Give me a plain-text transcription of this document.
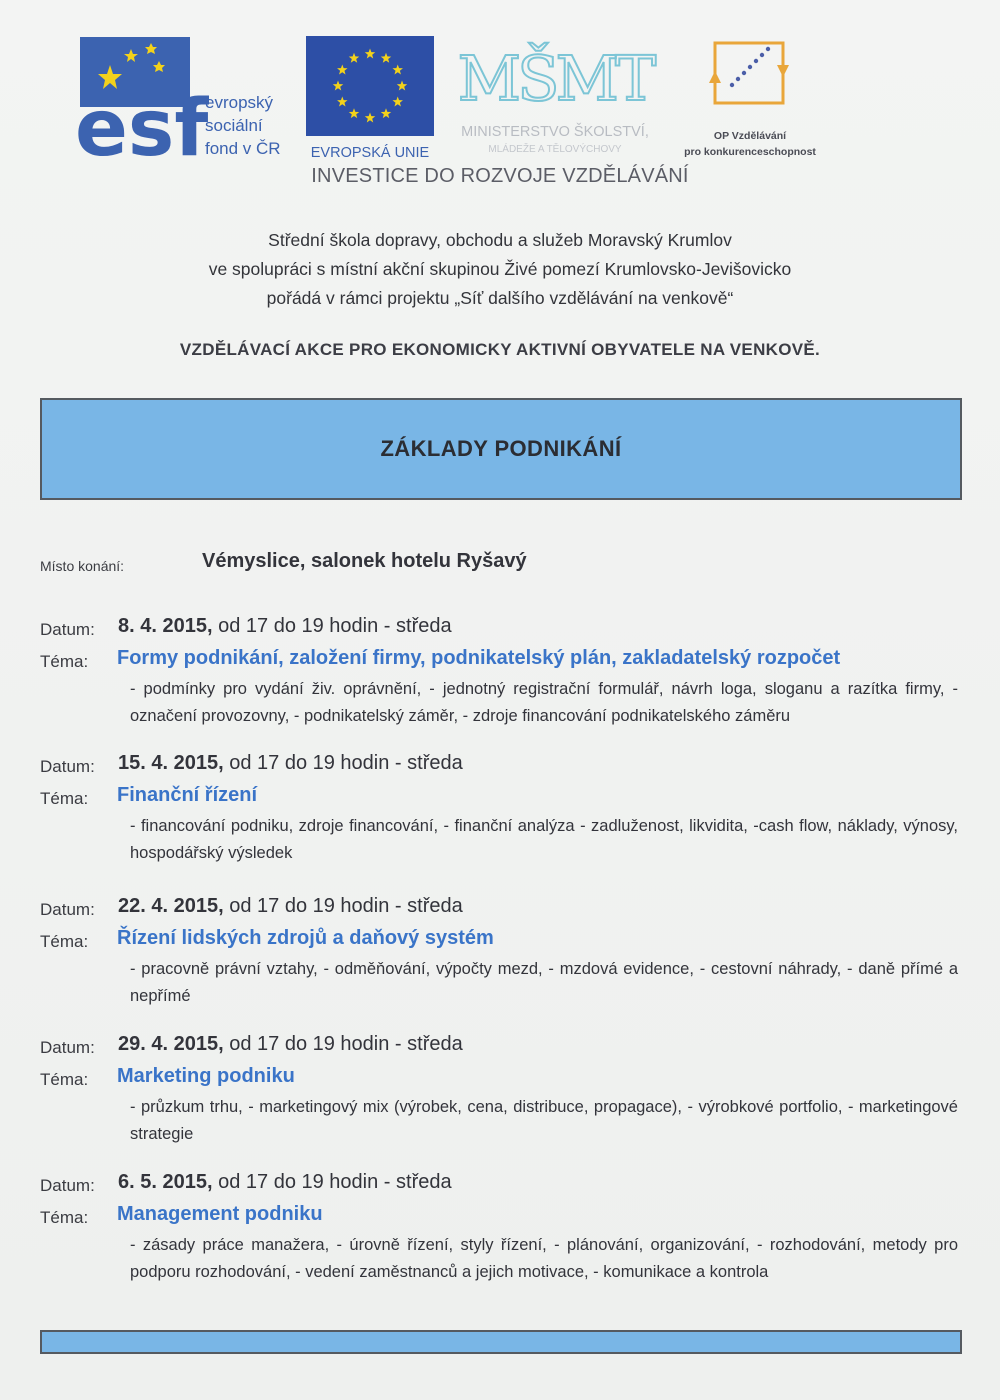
esf
evropský
sociální
fond v ČR EVROPSKÁ UNIE
MŠMT
MINISTERSTVO ŠKOLSTVÍ,
MLÁDEŽE A TĚLOVÝCHOVY
OP Vzdělávání
pro konkurenceschopnost
INVESTICE DO ROZVOJE VZDĚLÁVÁNÍ
Střední škola dopravy, obchodu a služeb Moravský Krumlov
ve spolupráci s místní akční skupinou Živé pomezí Krumlovsko-Jevišovicko
pořádá v rámci projektu „Síť dalšího vzdělávání na venkově“
VZDĚLÁVACÍ AKCE PRO EKONOMICKY AKTIVNÍ OBYVATELE NA VENKOVĚ.
ZÁKLADY PODNIKÁNÍ
Místo konání:	Vémyslice, salonek hotelu Ryšavý
Datum: 8. 4. 2015, od 17 do 19 hodin - středa
Téma: Formy podnikání, založení firmy, podnikatelský plán, zakladatelský rozpočet
- podmínky pro vydání živ. oprávnění, - jednotný registrační formulář, návrh loga, sloganu a razítka firmy, - označení provozovny, - podnikatelský záměr, - zdroje financování podnikatelského záměru
Datum: 15. 4. 2015, od 17 do 19 hodin - středa
Téma: Finanční řízení
- financování podniku, zdroje financování, - finanční analýza - zadluženost, likvidita, -cash flow, náklady, výnosy, hospodářský výsledek
Datum: 22. 4. 2015, od 17 do 19 hodin - středa
Téma: Řízení lidských zdrojů a daňový systém
- pracovně právní vztahy, - odměňování, výpočty mezd, - mzdová evidence, - cestovní náhrady, - daně přímé a nepřímé
Datum: 29. 4. 2015, od 17 do 19 hodin - středa
Téma: Marketing podniku
- průzkum trhu, - marketingový mix (výrobek, cena, distribuce, propagace), - výrobkové portfolio, - marketingové strategie
Datum: 6. 5. 2015, od 17 do 19 hodin - středa
Téma: Management podniku
- zásady práce manažera, - úrovně řízení, styly řízení, - plánování, organizování, - rozhodování, metody pro podporu rozhodování, - vedení zaměstnanců a jejich motivace, - komunikace a kontrola
